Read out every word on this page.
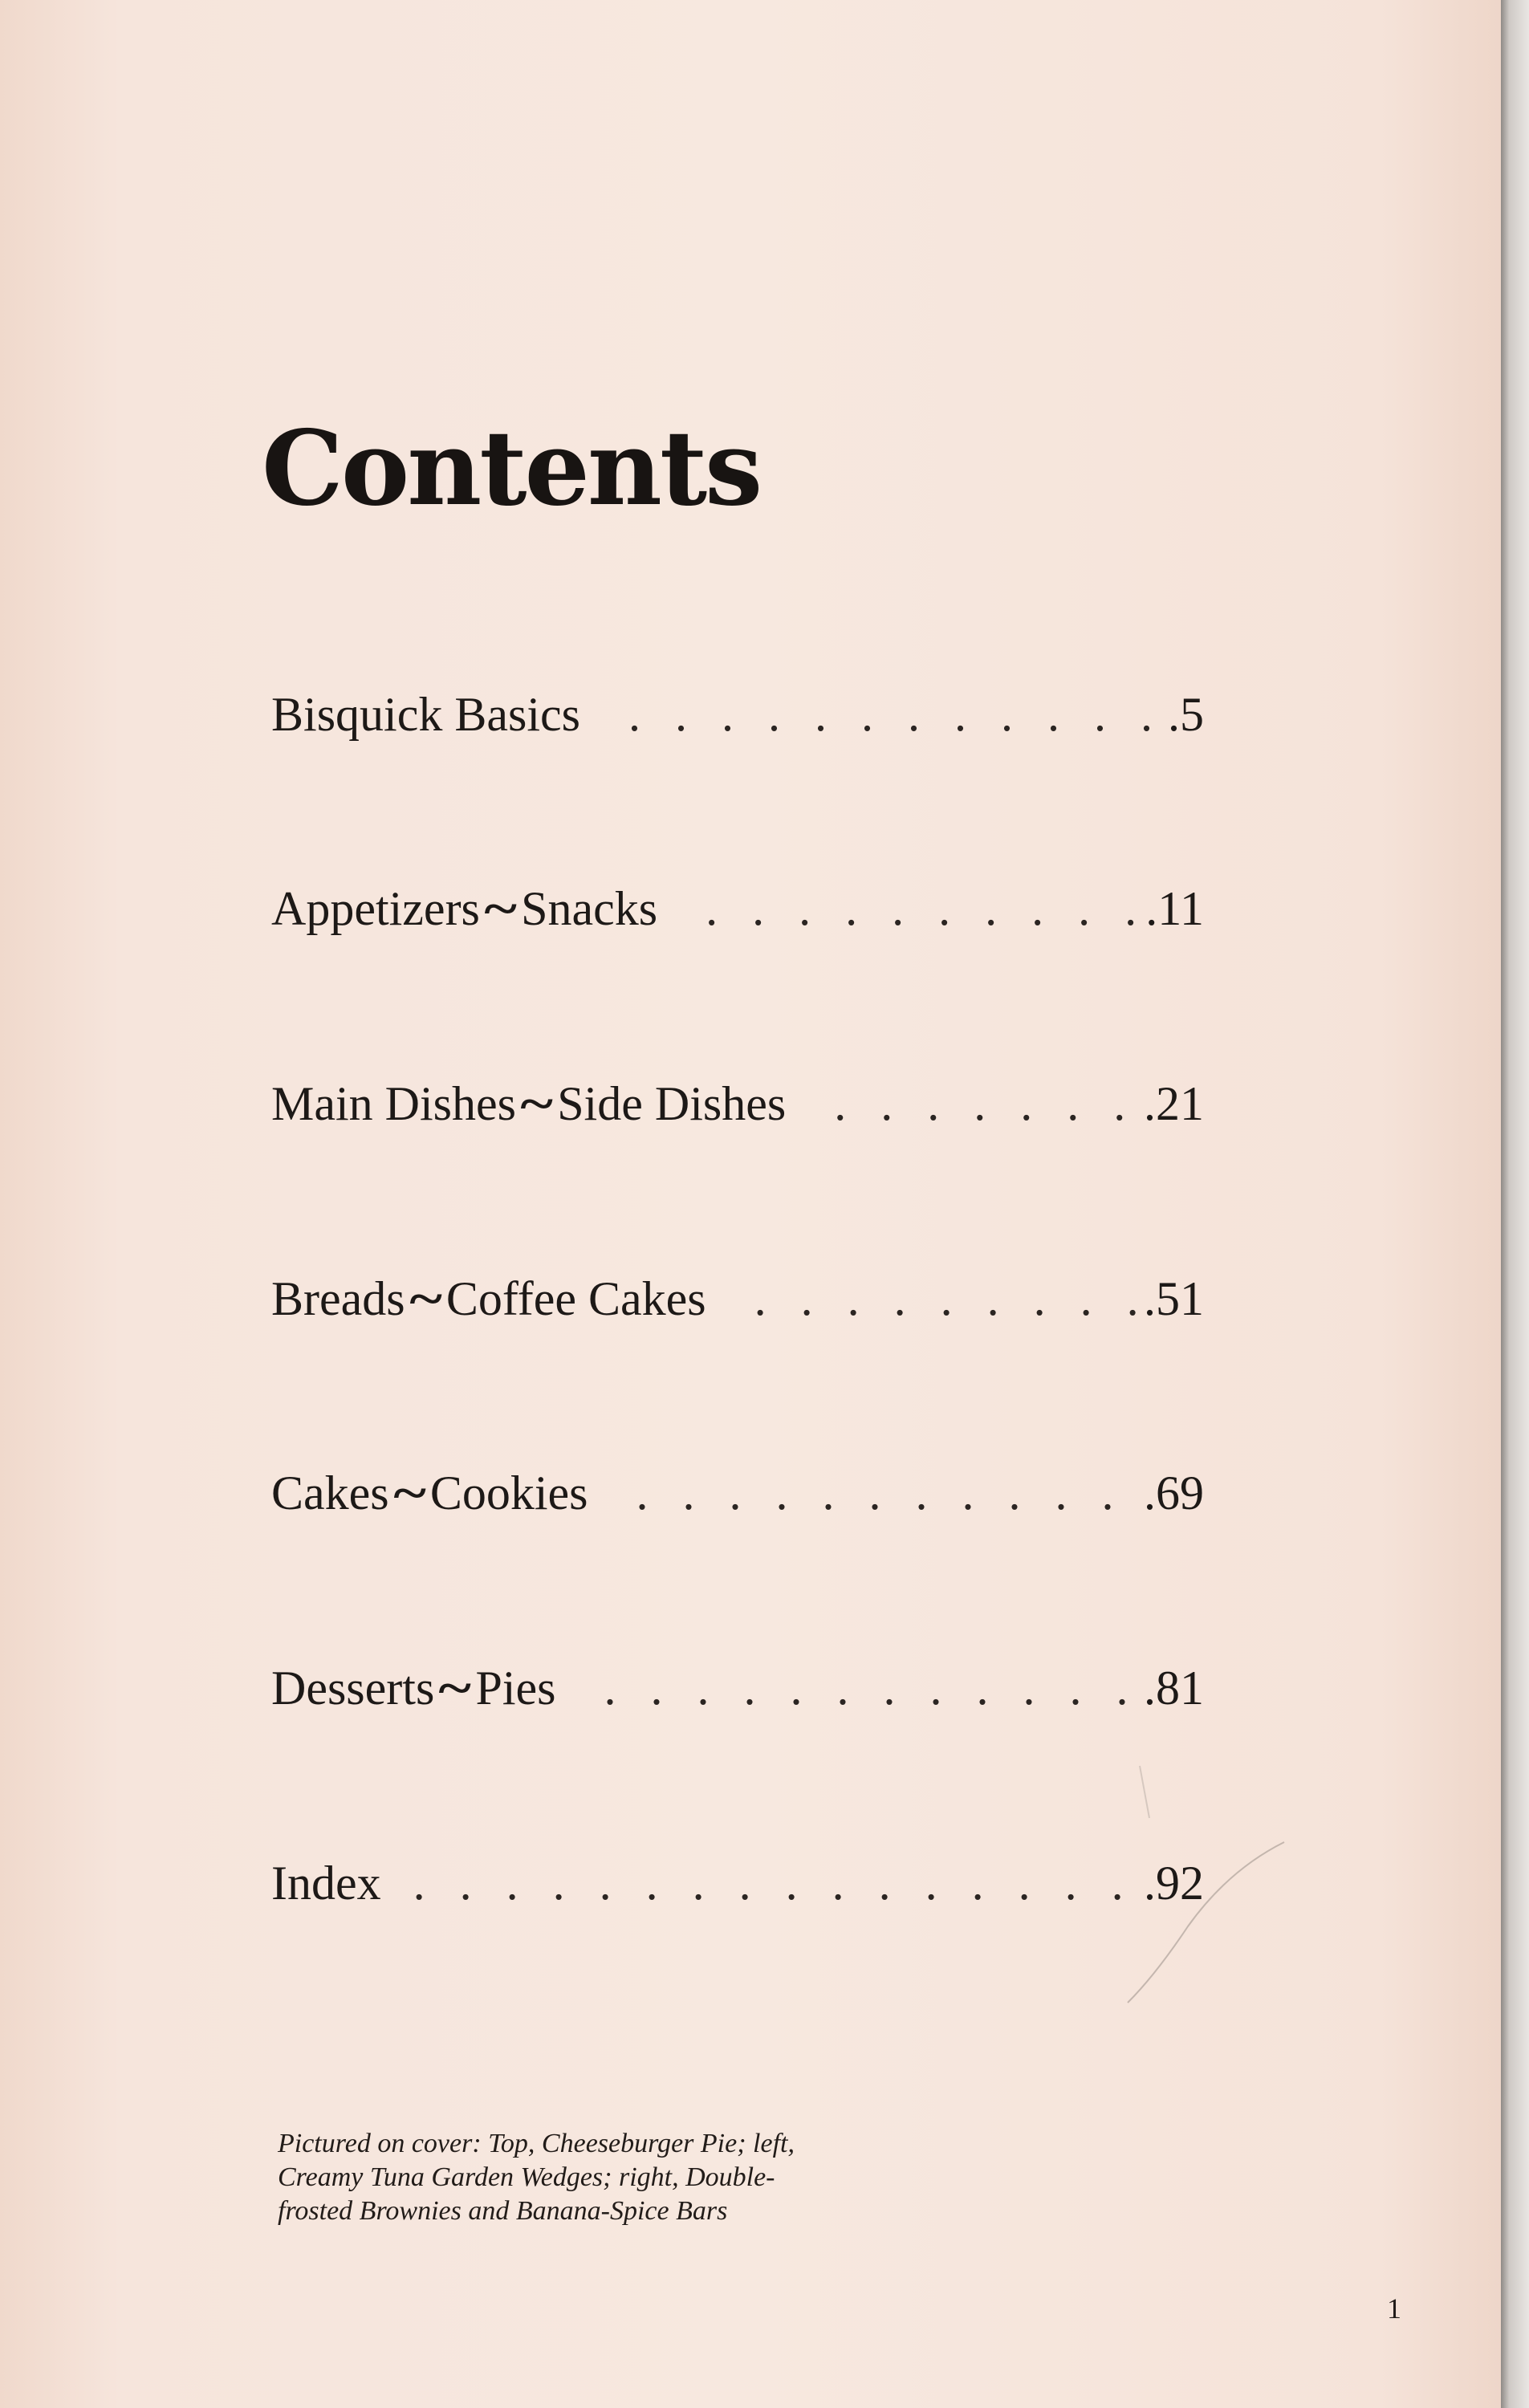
Contents
Bisquick Basics . . .	.5
Appetizers~Snacks . . .	.11
Main Dishes~Side Dishes . . .	.21
Breads~Coffee Cakes . . .	.51
Cakes~Cookies . . .	.69
Desserts~Pies . . .	.81
Index . . .	.92

Pictured on cover: Top, Cheeseburger Pie; left,
Creamy Tuna Garden Wedges; right, Double-
frosted Brownies and Banana-Spice Bars

1
